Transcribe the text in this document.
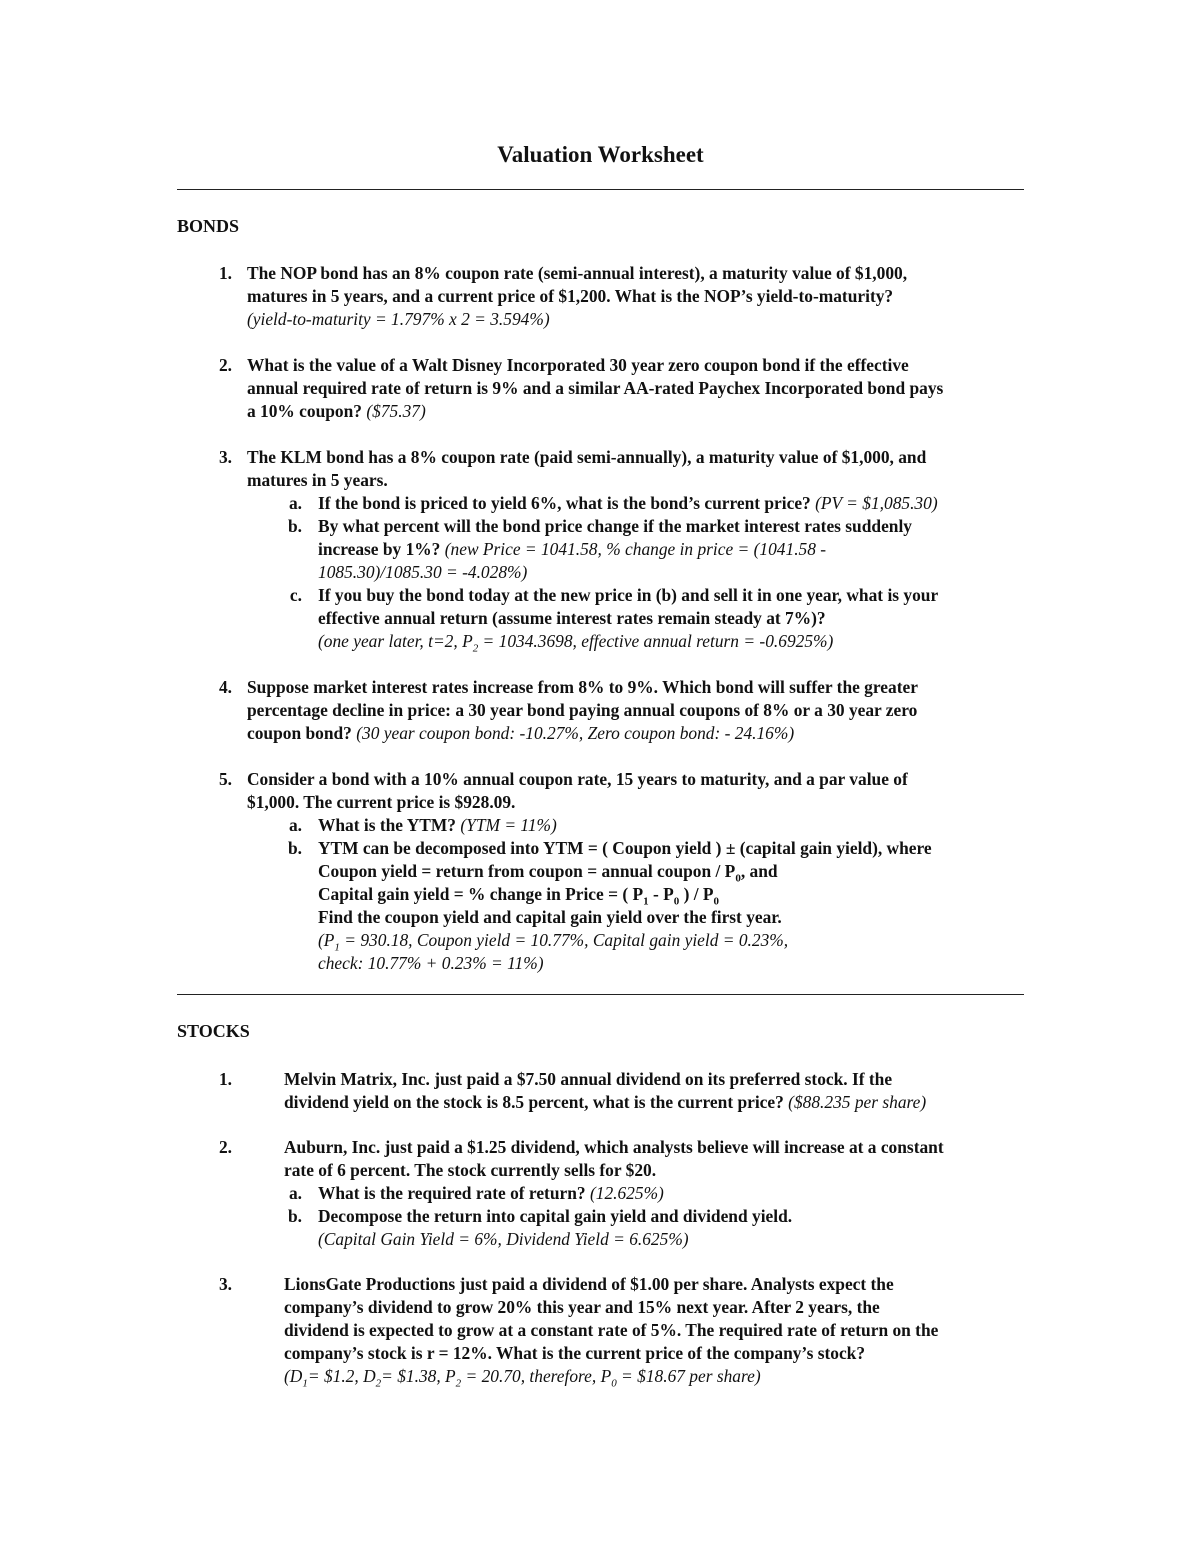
Valuation Worksheet
BONDS
1. The NOP bond has an 8% coupon rate (semi-annual interest), a maturity value of $1,000,
matures in 5 years, and a current price of $1,200. What is the NOP’s yield-to-maturity?
(yield-to-maturity = 1.797% x 2 = 3.594%)
2. What is the value of a Walt Disney Incorporated 30 year zero coupon bond if the effective
annual required rate of return is 9% and a similar AA-rated Paychex Incorporated bond pays
a 10% coupon? ($75.37)
3. The KLM bond has a 8% coupon rate (paid semi-annually), a maturity value of $1,000, and
matures in 5 years.
a. If the bond is priced to yield 6%, what is the bond’s current price? (PV = $1,085.30)
b. By what percent will the bond price change if the market interest rates suddenly
increase by 1%? (new Price = 1041.58, % change in price = (1041.58 -
1085.30)/1085.30 = -4.028%)
c. If you buy the bond today at the new price in (b) and sell it in one year, what is your
effective annual return (assume interest rates remain steady at 7%)?
(one year later, t=2, $P_2 = 1034.3698$, effective annual return = -0.6925%)
4. Suppose market interest rates increase from 8% to 9%. Which bond will suffer the greater
percentage decline in price: a 30 year bond paying annual coupons of 8% or a 30 year zero
coupon bond? (30 year coupon bond: -10.27%, Zero coupon bond: - 24.16%)
5. Consider a bond with a 10% annual coupon rate, 15 years to maturity, and a par value of
$1,000. The current price is $928.09.
a. What is the YTM? (YTM = 11%)
b. YTM can be decomposed into YTM = ( Coupon yield ) ± (capital gain yield), where
Coupon yield = return from coupon = annual coupon / $P_0$, and
Capital gain yield = % change in Price = ( $P_1 - P_0$ ) / $P_0$
Find the coupon yield and capital gain yield over the first year.
($P_1 = 930.18$, Coupon yield = 10.77%, Capital gain yield = 0.23%,
check: 10.77% + 0.23% = 11%)
STOCKS
1.	Melvin Matrix, Inc. just paid a $7.50 annual dividend on its preferred stock. If the
dividend yield on the stock is 8.5 percent, what is the current price? ($88.235 per share)
2.	Auburn, Inc. just paid a $1.25 dividend, which analysts believe will increase at a constant
rate of 6 percent. The stock currently sells for $20.
a. What is the required rate of return? (12.625%)
b. Decompose the return into capital gain yield and dividend yield.
(Capital Gain Yield = 6%, Dividend Yield = 6.625%)
3.	LionsGate Productions just paid a dividend of $1.00 per share. Analysts expect the
company’s dividend to grow 20% this year and 15% next year. After 2 years, the
dividend is expected to grow at a constant rate of 5%. The required rate of return on the
company’s stock is r = 12%. What is the current price of the company’s stock?
($D_1=$ $1.2, $D_2=$ $1.38, $P_2 = 20.70$, therefore, $P_0$ = $18.67 per share)
